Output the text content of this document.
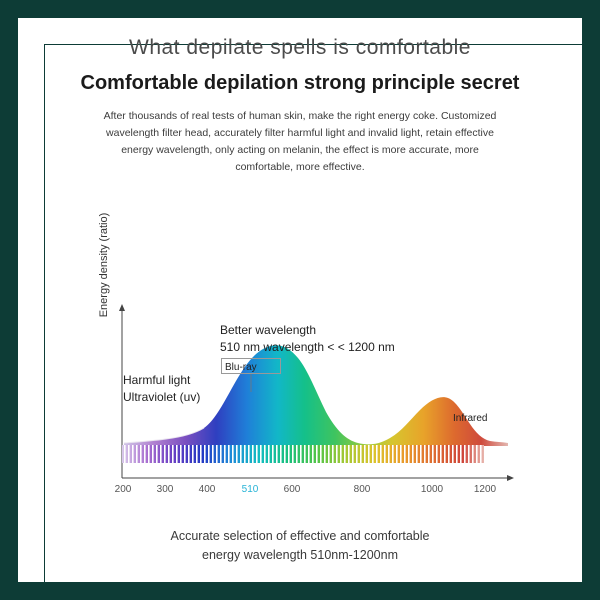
What depilate spells is comfortable
Comfortable depilation strong principle secret
After thousands of real tests of human skin, make the right energy coke. Customized wavelength filter head, accurately filter harmful light and invalid light, retain effective energy wavelength, only acting on melanin, the effect is more accurate, more comfortable, more effective.
Energy density (ratio)
Better wavelength
510 nm wavelength < < 1200 nm
Harmful light
Ultraviolet (uv)
Blu-ray
Infrared
200	300	400	510	600	800	1000	1200
Accurate selection of effective and comfortable
energy wavelength 510nm-1200nm
